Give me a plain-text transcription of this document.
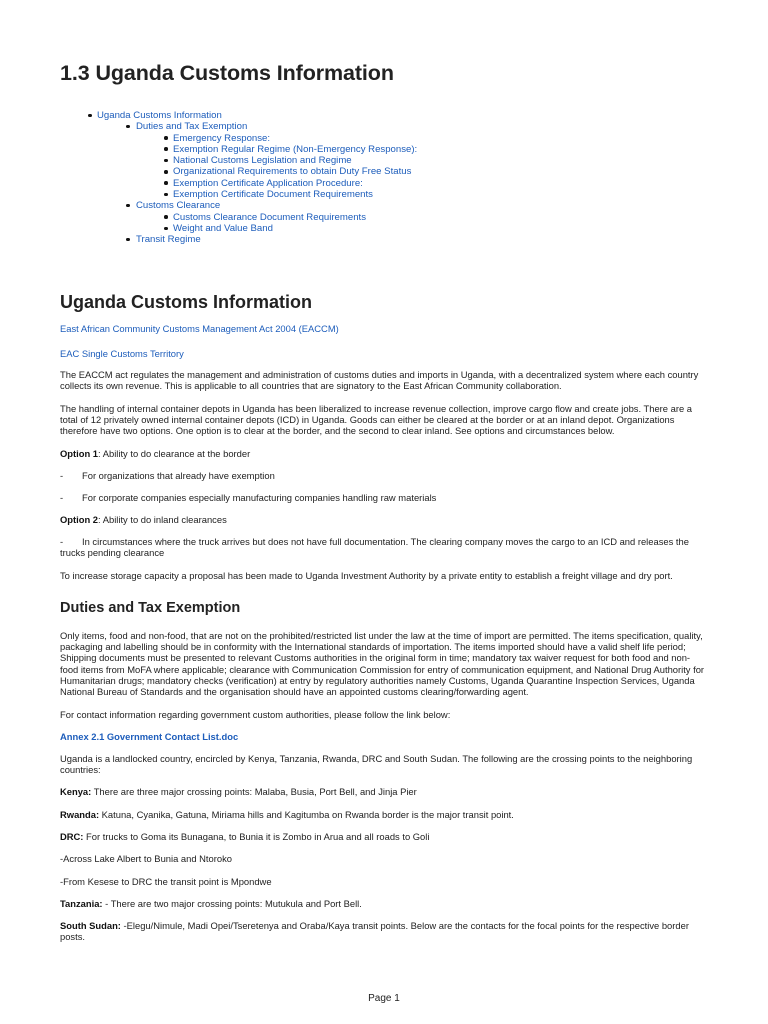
1.3 Uganda Customs Information
Uganda Customs Information
Duties and Tax Exemption
Emergency Response:
Exemption Regular Regime (Non-Emergency Response):
National Customs Legislation and Regime
Organizational Requirements to obtain Duty Free Status
Exemption Certificate Application Procedure:
Exemption Certificate Document Requirements
Customs Clearance
Customs Clearance Document Requirements
Weight and Value Band
Transit Regime
Uganda Customs Information

East African Community Customs Management Act 2004 (EACCM)

EAC Single Customs Territory

The EACCM act regulates the management and administration of customs duties and imports in Uganda, with a decentralized system where each country collects its own revenue. This is applicable to all countries that are signatory to the East African Community collaboration.

The handling of internal container depots in Uganda has been liberalized to increase revenue collection, improve cargo flow and create jobs. There are a total of 12 privately owned internal container depots (ICD) in Uganda. Goods can either be cleared at the border or at an inland depot. Organizations therefore have two options. One option is to clear at the border, and the second to clear inland. See options and circumstances below.

Option 1: Ability to do clearance at the border

- For organizations that already have exemption

- For corporate companies especially manufacturing companies handling raw materials

Option 2: Ability to do inland clearances

- In circumstances where the truck arrives but does not have full documentation. The clearing company moves the cargo to an ICD and releases the trucks pending clearance

To increase storage capacity a proposal has been made to Uganda Investment Authority by a private entity to establish a freight village and dry port.

Duties and Tax Exemption

Only items, food and non-food, that are not on the prohibited/restricted list under the law at the time of import are permitted. The items specification, quality, packaging and labelling should be in conformity with the International standards of importation. The items imported should have a valid shelf life period; Shipping documents must be presented to relevant Customs authorities in the original form in time; mandatory tax waiver request for both food and non-food items from MoFA where applicable; clearance with Communication Commission for entry of communication equipment, and National Drug Authority for Humanitarian drugs; mandatory checks (verification) at entry by regulatory authorities namely Customs, Uganda Quarantine Inspection Services, Uganda National Bureau of Standards and the organisation should have an appointed customs clearing/forwarding agent.

For contact information regarding government custom authorities, please follow the link below:

Annex 2.1 Government Contact List.doc

Uganda is a landlocked country, encircled by Kenya, Tanzania, Rwanda, DRC and South Sudan. The following are the crossing points to the neighboring countries:

Kenya: There are three major crossing points: Malaba, Busia, Port Bell, and Jinja Pier

Rwanda: Katuna, Cyanika, Gatuna, Miriama hills and Kagitumba on Rwanda border is the major transit point.

DRC: For trucks to Goma its Bunagana, to Bunia it is Zombo in Arua and all roads to Goli

-Across Lake Albert to Bunia and Ntoroko

-From Kesese to DRC the transit point is Mpondwe

Tanzania: - There are two major crossing points: Mutukula and Port Bell.

South Sudan: -Elegu/Nimule, Madi Opei/Tseretenya and Oraba/Kaya transit points. Below are the contacts for the focal points for the respective border posts.

Page 1
